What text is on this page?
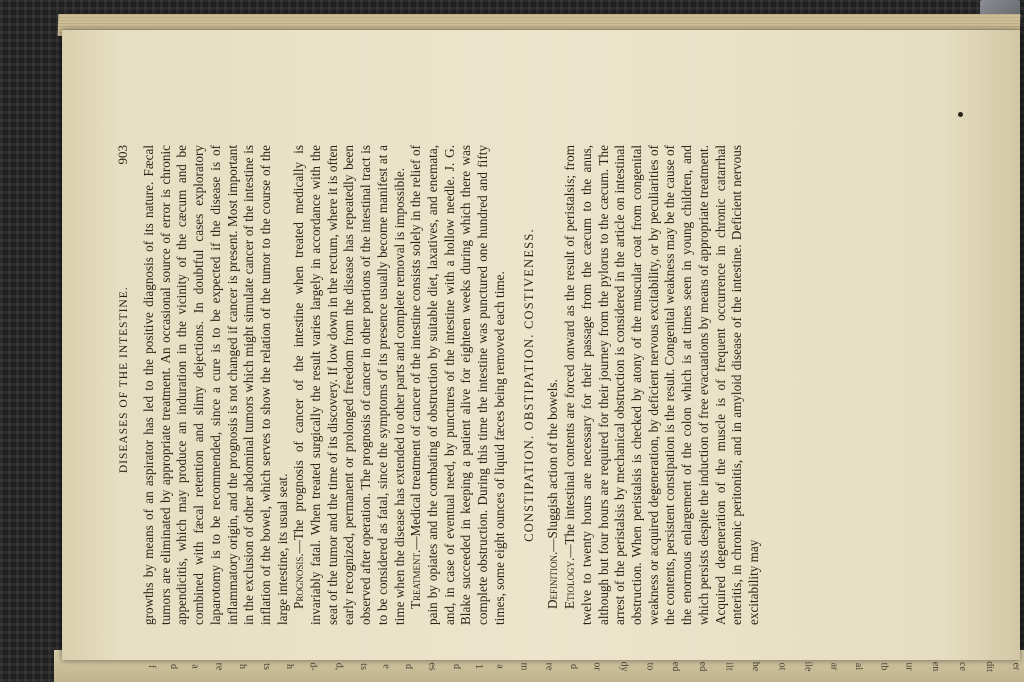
f d a re h ts h d- d, ts e d es d 1 a m re d or dy to ed ed ilt he ot ile ar al tb ur en ce dit er
DISEASES OF THE INTESTINE.
903 growths by means of an aspirator has led to the positive diagnosis of its nature. Fæcal tumors are eliminated by appropriate treatment. An occasional source of error is chronic appendicitis, which may produce an induration in the vicinity of the cæcum and be combined with fæcal retention and slimy dejections. In doubtful cases exploratory laparotomy is to be recommended, since a cure is to be expected if the disease is of inflammatory origin, and the prognosis is not changed if cancer is present. Most important in the exclusion of other abdominal tumors which might simulate cancer of the intestine is inflation of the bowel, which serves to show the relation of the tumor to the course of the large intestine, its usual seat. Prognosis.—The prognosis of cancer of the intestine when treated medically is invariably fatal. When treated surgically the result varies largely in accordance with the seat of the tumor and the time of its discovery. If low down in the rectum, where it is often early recognized, permanent or prolonged freedom from the disease has repeatedly been observed after operation. The prognosis of cancer in other portions of the intestinal tract is to be considered as fatal, since the symptoms of its presence usually become manifest at a time when the disease has extended to other parts and complete removal is impossible. Treatment.—Medical treatment of cancer of the intestine consists solely in the relief of pain by opiates and the combating of obstruction by suitable diet, laxatives, and enemata, and, in case of eventual need, by punctures of the intestine with a hollow needle. J. G. Blake succeeded in keeping a patient alive for eighteen weeks during which there was complete obstruction. During this time the intestine was punctured one hundred and fifty times, some eight ounces of liquid fæces being removed each time. CONSTIPATION. OBSTIPATION. COSTIVENESS.

Definition.—Sluggish action of the bowels.

Etiology.—The intestinal contents are forced onward as the result of peristalsis; from twelve to twenty hours are necessary for their passage from the cæcum to the anus, although but four hours are required for their journey from the pylorus to the cæcum. The arrest of the peristalsis by mechanical obstruction is considered in the article on intestinal obstruction. When peristalsis is checked by atony of the muscular coat from congenital weakness or acquired degeneration, by deficient nervous excitability, or by peculiarities of the contents, persistent constipation is the result. Congenital weakness may be the cause of the enormous enlargement of the colon which is at times seen in young children, and which persists despite the induction of free evacuations by means of appropriate treatment. Acquired degeneration of the muscle is of frequent occurrence in chronic catarrhal enteritis, in chronic peritonitis, and in amyloid disease of the intestine. Deficient nervous excitability may
